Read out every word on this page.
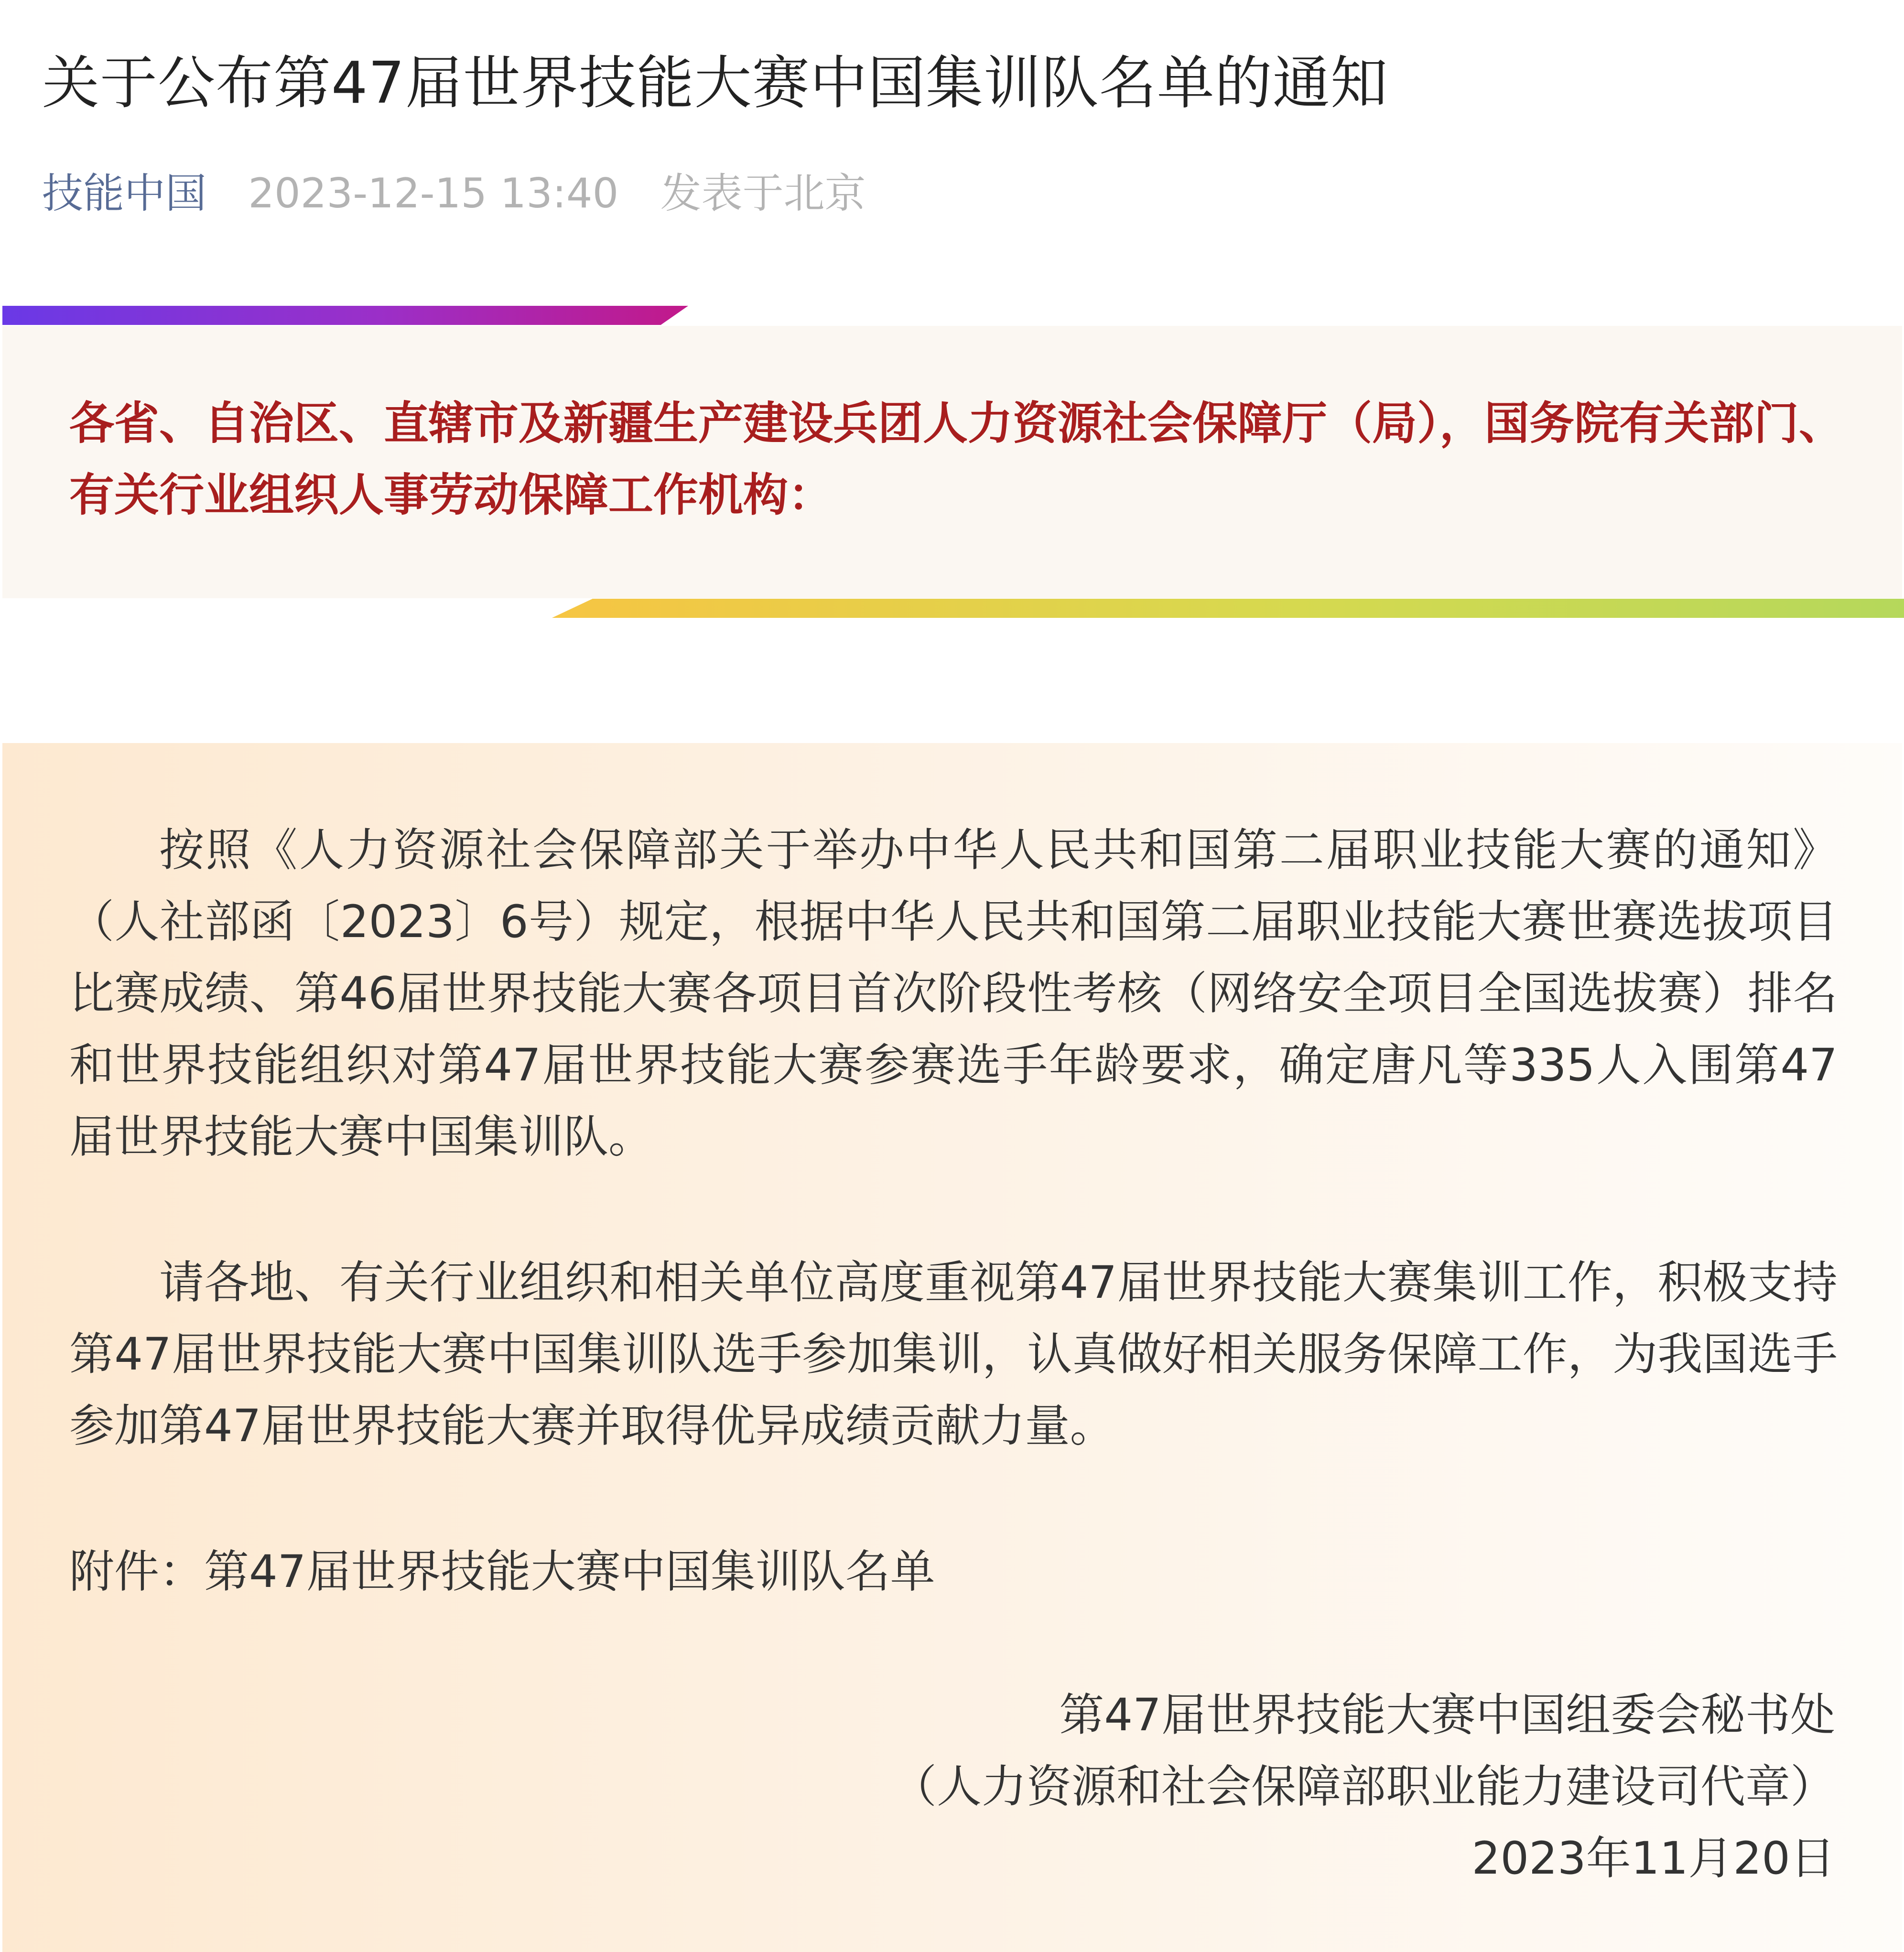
关于公布第47届世界技能大赛中国集训队名单的通知
技能中国 2023-12-15 13:40 发表于北京
各省、自治区、直辖市及新疆生产建设兵团人力资源社会保障厅（局），国务院有关部门、有关行业组织人事劳动保障工作机构：
按照《人力资源社会保障部关于举办中华人民共和国第二届职业技能大赛的通知》（人社部函〔2023〕6号）规定，根据中华人民共和国第二届职业技能大赛世赛选拔项目比赛成绩、第46届世界技能大赛各项目首次阶段性考核（网络安全项目全国选拔赛）排名和世界技能组织对第47届世界技能大赛参赛选手年龄要求，确定唐凡等335人入围第47届世界技能大赛中国集训队。
请各地、有关行业组织和相关单位高度重视第47届世界技能大赛集训工作，积极支持第47届世界技能大赛中国集训队选手参加集训，认真做好相关服务保障工作，为我国选手参加第47届世界技能大赛并取得优异成绩贡献力量。
附件：第47届世界技能大赛中国集训队名单
第47届世界技能大赛中国组委会秘书处
（人力资源和社会保障部职业能力建设司代章）
2023年11月20日
